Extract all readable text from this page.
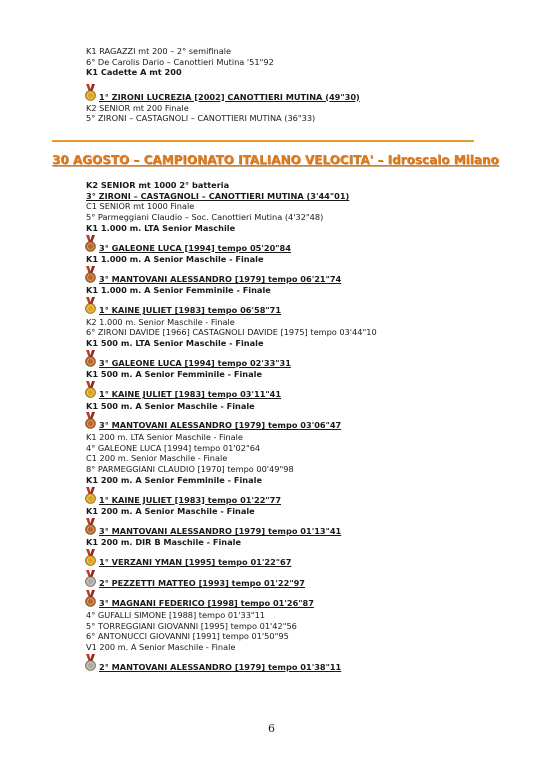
K1 RAGAZZI mt 200 – 2° semifinale
6° De Carolis Dario – Canottieri Mutina '51"92
K1 Cadette A mt 200
1° ZIRONI LUCREZIA [2002] CANOTTIERI MUTINA (49"30)
K2 SENIOR mt 200 Finale
5° ZIRONI – CASTAGNOLI – CANOTTIERI MUTINA (36"33)
30 AGOSTO – CAMPIONATO ITALIANO VELOCITA' – Idroscalo Milano
K2 SENIOR mt 1000 2° batteria
3° ZIRONI – CASTAGNOLI – CANOTTIERI MUTINA (3'44"01)
C1 SENIOR mt 1000 Finale
5° Parmeggiani Claudio – Soc. Canottieri Mutina (4'32"48)
K1 1.000 m. LTA Senior Maschile
3° GALEONE LUCA [1994] tempo 05'20"84
K1 1.000 m. A Senior Maschile - Finale
3° MANTOVANI ALESSANDRO [1979] tempo 06'21"74
K1 1.000 m. A Senior Femminile - Finale
1° KAINE JULIET [1983] tempo 06'58"71
K2 1.000 m. Senior Maschile - Finale
6° ZIRONI DAVIDE [1966] CASTAGNOLI DAVIDE [1975] tempo 03'44"10
K1 500 m. LTA Senior Maschile - Finale
3° GALEONE LUCA [1994] tempo 02'33"31
K1 500 m. A Senior Femminile - Finale
1° KAINE JULIET [1983] tempo 03'11"41
K1 500 m. A Senior Maschile - Finale
3° MANTOVANI ALESSANDRO [1979] tempo 03'06"47
K1 200 m. LTA Senior Maschile - Finale
4° GALEONE LUCA [1994] tempo 01'02"64
C1 200 m. Senior Maschile - Finale
8° PARMEGGIANI CLAUDIO [1970] tempo 00'49"98
K1 200 m. A Senior Femminile - Finale
1° KAINE JULIET [1983] tempo 01'22"77
K1 200 m. A Senior Maschile - Finale
3° MANTOVANI ALESSANDRO [1979] tempo 01'13"41
K1 200 m. DIR B Maschile - Finale
1° VERZANI YMAN [1995] tempo 01'22"67
2° PEZZETTI MATTEO [1993] tempo 01'22"97
3° MAGNANI FEDERICO [1998] tempo 01'26"87
4° GUFALLI SIMONE [1988] tempo 01'33"11
5° TORREGGIANI GIOVANNI [1995] tempo 01'42"56
6° ANTONUCCI GIOVANNI [1991] tempo 01'50"95
V1 200 m. A Senior Maschile - Finale
2° MANTOVANI ALESSANDRO [1979] tempo 01'38"11
6
